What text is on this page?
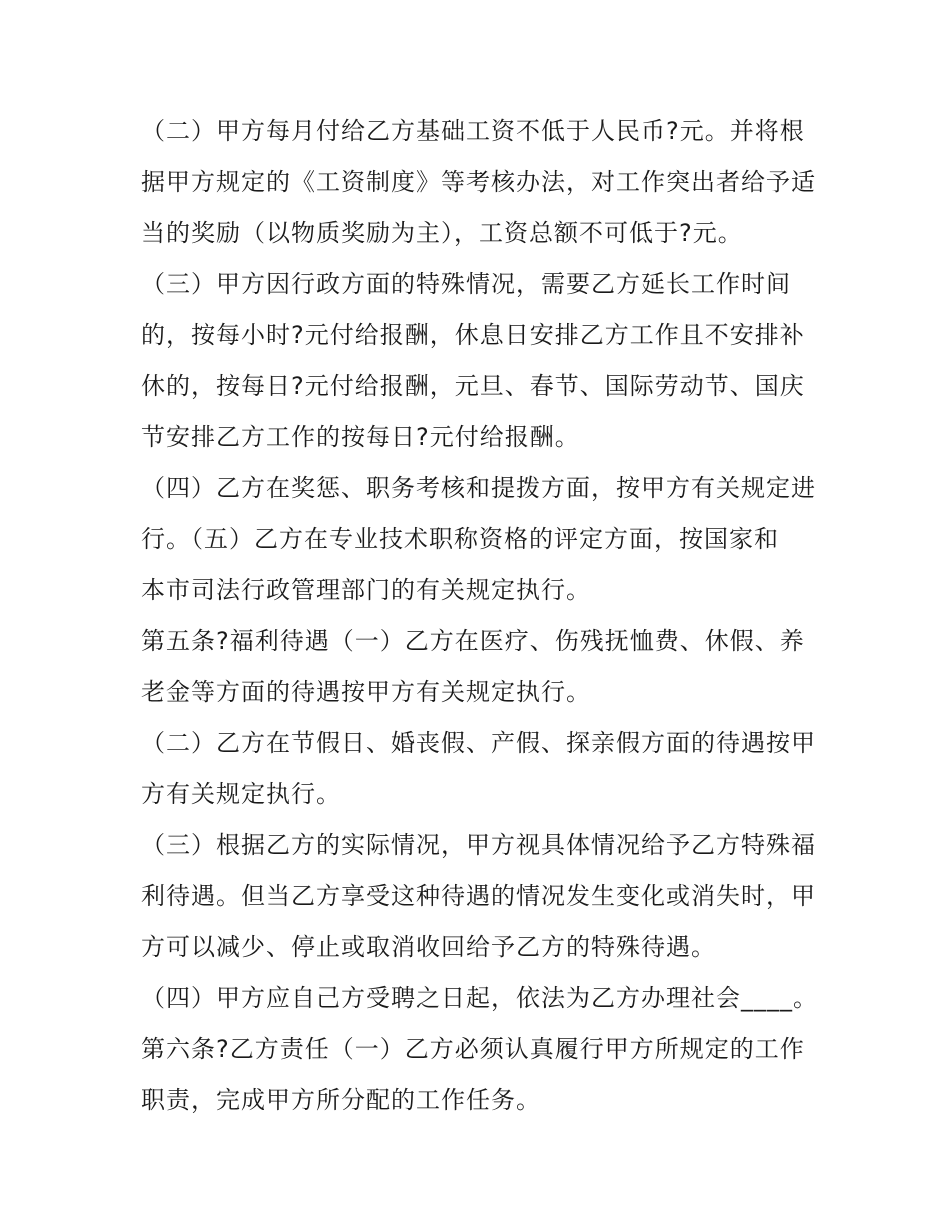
（二）甲方每月付给乙方基础工资不低于人民币?元。并将根
据甲方规定的《工资制度》等考核办法，对工作突出者给予适
当的奖励（以物质奖励为主），工资总额不可低于?元。
（三）甲方因行政方面的特殊情况，需要乙方延长工作时间
的，按每小时?元付给报酬，休息日安排乙方工作且不安排补
休的，按每日?元付给报酬，元旦、春节、国际劳动节、国庆
节安排乙方工作的按每日?元付给报酬。
（四）乙方在奖惩、职务考核和提拨方面，按甲方有关规定进
行。（五）乙方在专业技术职称资格的评定方面，按国家和
本市司法行政管理部门的有关规定执行。
第五条?福利待遇（一）乙方在医疗、伤残抚恤费、休假、养
老金等方面的待遇按甲方有关规定执行。
（二）乙方在节假日、婚丧假、产假、探亲假方面的待遇按甲
方有关规定执行。
（三）根据乙方的实际情况，甲方视具体情况给予乙方特殊福
利待遇。但当乙方享受这种待遇的情况发生变化或消失时，甲
方可以减少、停止或取消收回给予乙方的特殊待遇。
（四）甲方应自己方受聘之日起，依法为乙方办理社会____。
第六条?乙方责任（一）乙方必须认真履行甲方所规定的工作
职责，完成甲方所分配的工作任务。
